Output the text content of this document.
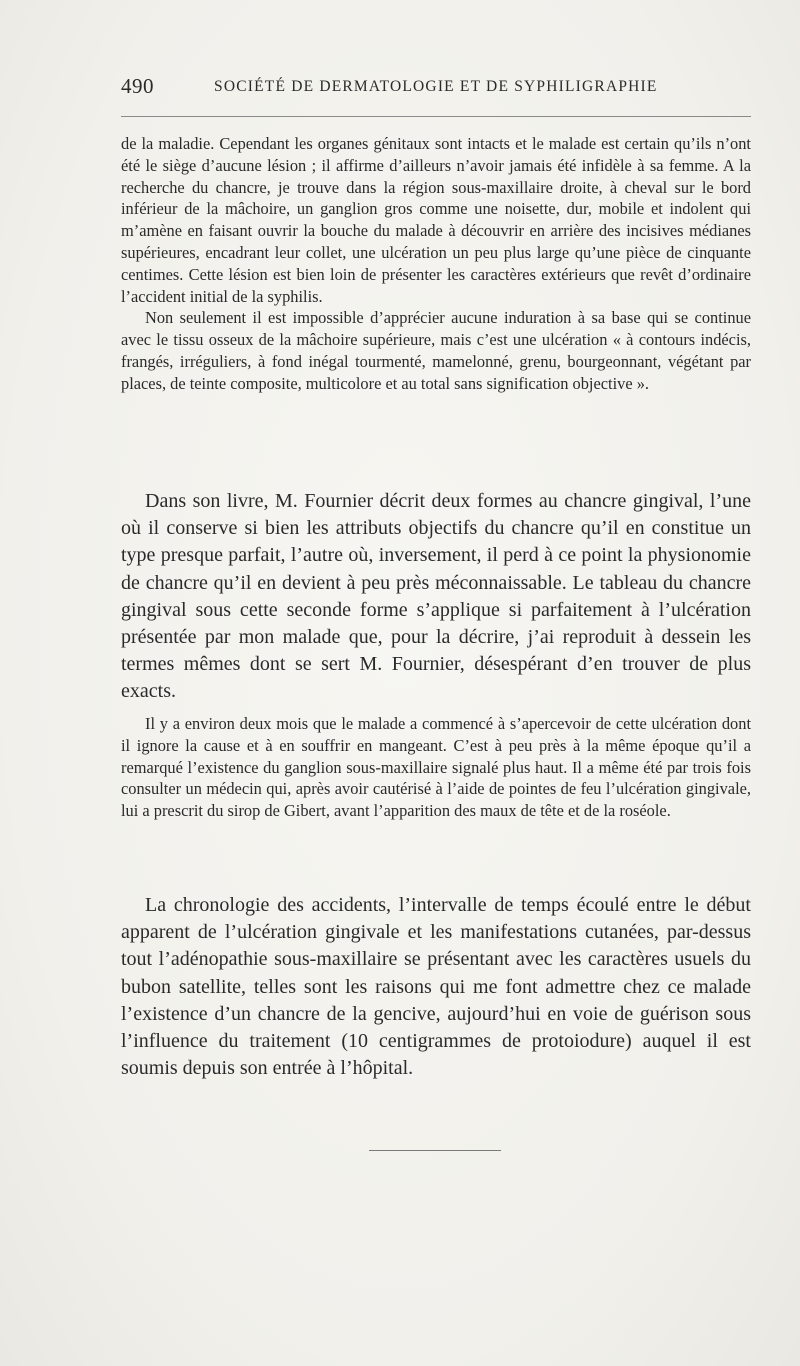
490	SOCIÉTÉ DE DERMATOLOGIE ET DE SYPHILIGRAPHIE

de la maladie. Cependant les organes génitaux sont intacts et le malade est certain qu’ils n’ont été le siège d’aucune lésion ; il affirme d’ailleurs n’avoir jamais été infidèle à sa femme. A la recherche du chancre, je trouve dans la région sous-maxillaire droite, à cheval sur le bord inférieur de la mâchoire, un ganglion gros comme une noisette, dur, mobile et indolent qui m’amène en faisant ouvrir la bouche du malade à découvrir en arrière des incisives médianes supérieures, encadrant leur collet, une ulcération un peu plus large qu’une pièce de cinquante centimes. Cette lésion est bien loin de présenter les caractères extérieurs que revêt d’ordinaire l’accident initial de la syphilis.

Non seulement il est impossible d’apprécier aucune induration à sa base qui se continue avec le tissu osseux de la mâchoire supérieure, mais c’est une ulcération « à contours indécis, frangés, irréguliers, à fond inégal tourmenté, mamelonné, grenu, bourgeonnant, végétant par places, de teinte composite, multicolore et au total sans signification objective ».

Dans son livre, M. Fournier décrit deux formes au chancre gingival, l’une où il conserve si bien les attributs objectifs du chancre qu’il en constitue un type presque parfait, l’autre où, inversement, il perd à ce point la physionomie de chancre qu’il en devient à peu près méconnaissable. Le tableau du chancre gingival sous cette seconde forme s’applique si parfaitement à l’ulcération présentée par mon malade que, pour la décrire, j’ai reproduit à dessein les termes mêmes dont se sert M. Fournier, désespérant d’en trouver de plus exacts.

Il y a environ deux mois que le malade a commencé à s’apercevoir de cette ulcération dont il ignore la cause et à en souffrir en mangeant. C’est à peu près à la même époque qu’il a remarqué l’existence du ganglion sous-maxillaire signalé plus haut. Il a même été par trois fois consulter un médecin qui, après avoir cautérisé à l’aide de pointes de feu l’ulcération gingivale, lui a prescrit du sirop de Gibert, avant l’apparition des maux de tête et de la roséole.

La chronologie des accidents, l’intervalle de temps écoulé entre le début apparent de l’ulcération gingivale et les manifestations cutanées, par-dessus tout l’adénopathie sous-maxillaire se présentant avec les caractères usuels du bubon satellite, telles sont les raisons qui me font admettre chez ce malade l’existence d’un chancre de la gencive, aujourd’hui en voie de guérison sous l’influence du traitement (10 centigrammes de protoiodure) auquel il est soumis depuis son entrée à l’hôpital.
